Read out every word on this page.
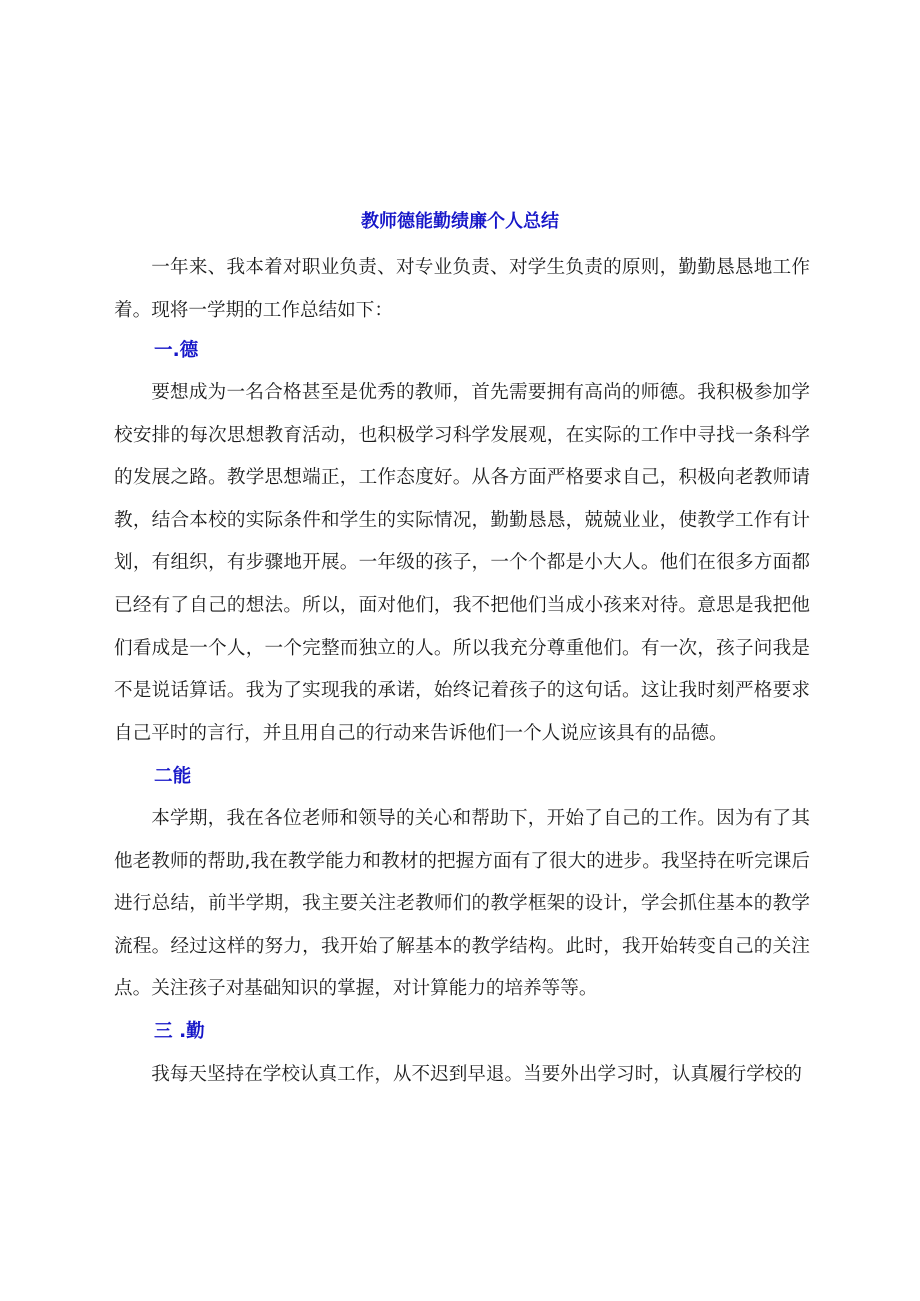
教师德能勤绩廉个人总结

一年来、我本着对职业负责、对专业负责、对学生负责的原则，勤勤恳恳地工作着。现将一学期的工作总结如下：

一.德

要想成为一名合格甚至是优秀的教师，首先需要拥有高尚的师德。我积极参加学校安排的每次思想教育活动，也积极学习科学发展观，在实际的工作中寻找一条科学的发展之路。教学思想端正，工作态度好。从各方面严格要求自己，积极向老教师请教，结合本校的实际条件和学生的实际情况，勤勤恳恳，兢兢业业，使教学工作有计划，有组织，有步骤地开展。一年级的孩子，一个个都是小大人。他们在很多方面都已经有了自己的想法。所以，面对他们，我不把他们当成小孩来对待。意思是我把他们看成是一个人，一个完整而独立的人。所以我充分尊重他们。有一次，孩子问我是不是说话算话。我为了实现我的承诺，始终记着孩子的这句话。这让我时刻严格要求自己平时的言行，并且用自己的行动来告诉他们一个人说应该具有的品德。

二能

本学期，我在各位老师和领导的关心和帮助下，开始了自己的工作。因为有了其他老教师的帮助,我在教学能力和教材的把握方面有了很大的进步。我坚持在听完课后进行总结，前半学期，我主要关注老教师们的教学框架的设计，学会抓住基本的教学流程。经过这样的努力，我开始了解基本的教学结构。此时，我开始转变自己的关注点。关注孩子对基础知识的掌握，对计算能力的培养等等。

三 .勤

我每天坚持在学校认真工作，从不迟到早退。当要外出学习时，认真履行学校的
